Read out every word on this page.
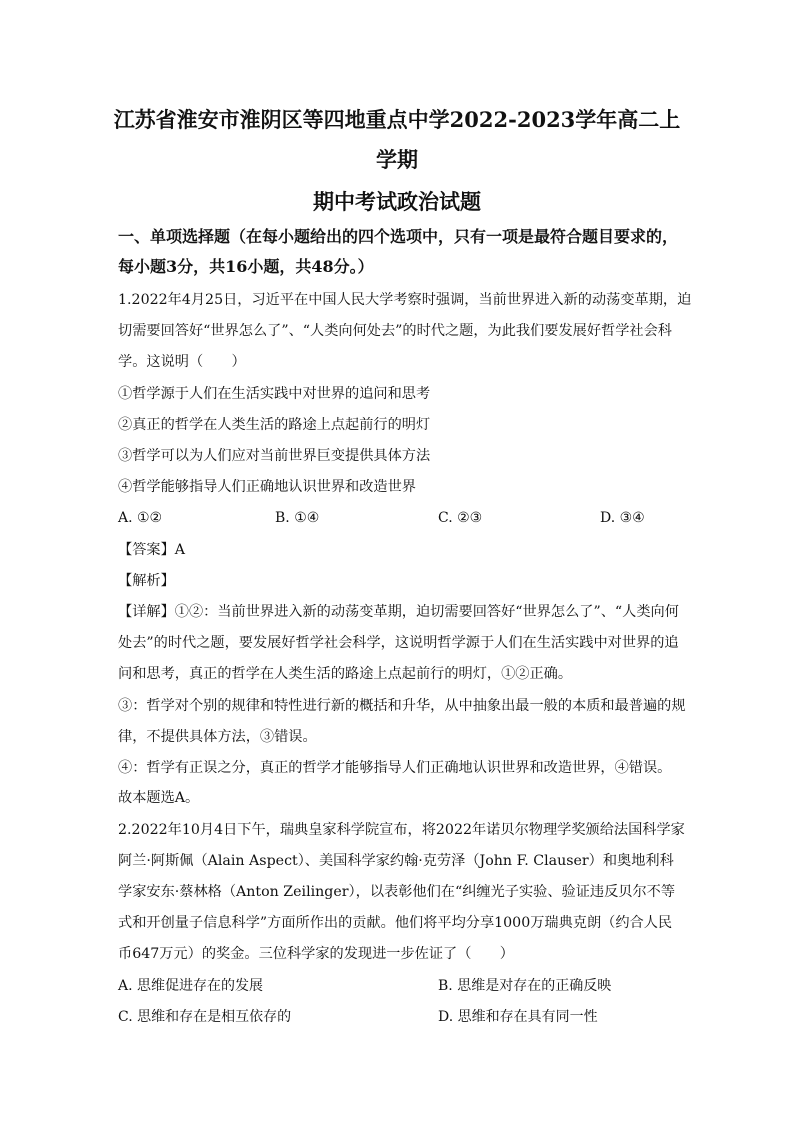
江苏省淮安市淮阴区等四地重点中学2022-2023学年高二上
学期
期中考试政治试题
一、单项选择题（在每小题给出的四个选项中，只有一项是最符合题目要求的，
每小题3分，共16小题，共48分。）

1.2022年4月25日，习近平在中国人民大学考察时强调，当前世界进入新的动荡变革期，迫

切需要回答好“世界怎么了”、“人类向何处去”的时代之题，为此我们要发展好哲学社会科

学。这说明（　　）

①哲学源于人们在生活实践中对世界的追问和思考

②真正的哲学在人类生活的路途上点起前行的明灯

③哲学可以为人们应对当前世界巨变提供具体方法

④哲学能够指导人们正确地认识世界和改造世界

A. ①②	B. ①④	C. ②③	D. ③④

【答案】A

【解析】

【详解】①②：当前世界进入新的动荡变革期，迫切需要回答好“世界怎么了”、“人类向何

处去”的时代之题，要发展好哲学社会科学，这说明哲学源于人们在生活实践中对世界的追

问和思考，真正的哲学在人类生活的路途上点起前行的明灯，①②正确。

③：哲学对个别的规律和特性进行新的概括和升华，从中抽象出最一般的本质和最普遍的规

律，不提供具体方法，③错误。

④：哲学有正误之分，真正的哲学才能够指导人们正确地认识世界和改造世界，④错误。

故本题选A。

2.2022年10月4日下午，瑞典皇家科学院宣布，将2022年诺贝尔物理学奖颁给法国科学家

阿兰·阿斯佩（Alain Aspect）、美国科学家约翰·克劳泽（John F. Clauser）和奥地利科

学家安东·蔡林格（Anton Zeilinger），以表彰他们在“纠缠光子实验、验证违反贝尔不等

式和开创量子信息科学”方面所作出的贡献。他们将平均分享1000万瑞典克朗（约合人民

币647万元）的奖金。三位科学家的发现进一步佐证了（　　）

A. 思维促进存在的发展	B. 思维是对存在的正确反映
C. 思维和存在是相互依存的	D. 思维和存在具有同一性
